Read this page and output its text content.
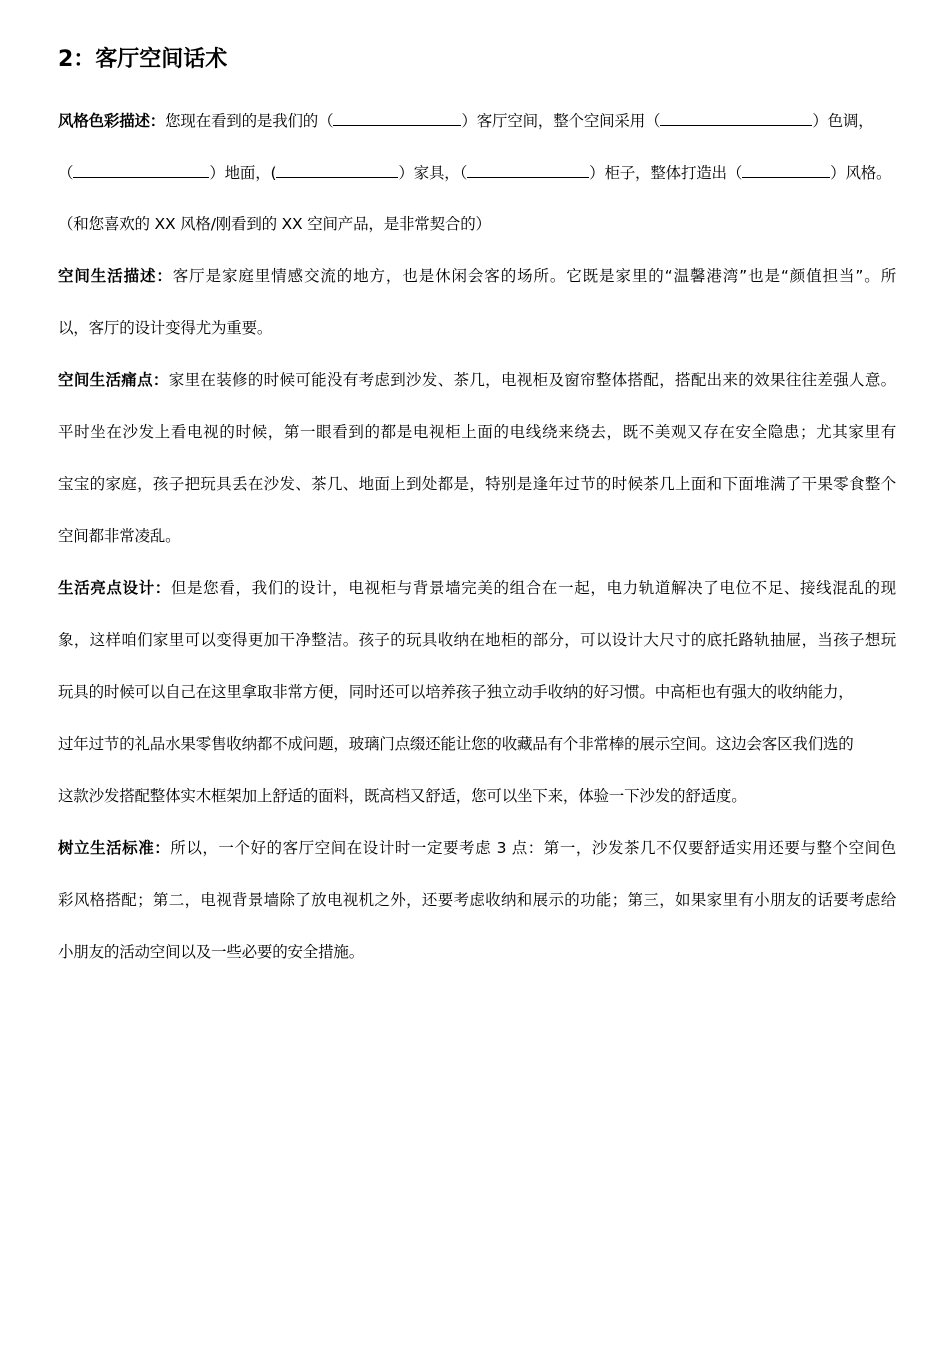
2：客厅空间话术
风格色彩描述：您现在看到的是我们的（	）客厅空间，整个空间采用（	）色调，
（	）地面，(	）家具，（	）柜子，整体打造出（	）风格。
（和您喜欢的 XX 风格/刚看到的 XX 空间产品，是非常契合的）
空间生活描述：客厅是家庭里情感交流的地方，也是休闲会客的场所。它既是家里的“温馨港湾”也是“颜值担当”。所
以，客厅的设计变得尤为重要。
空间生活痛点：家里在装修的时候可能没有考虑到沙发、茶几，电视柜及窗帘整体搭配，搭配出来的效果往往差强人意。
平时坐在沙发上看电视的时候，第一眼看到的都是电视柜上面的电线绕来绕去，既不美观又存在安全隐患；尤其家里有
宝宝的家庭，孩子把玩具丢在沙发、茶几、地面上到处都是，特别是逢年过节的时候茶几上面和下面堆满了干果零食整个
空间都非常凌乱。
生活亮点设计：但是您看，我们的设计，电视柜与背景墙完美的组合在一起，电力轨道解决了电位不足、接线混乱的现
象，这样咱们家里可以变得更加干净整洁。孩子的玩具收纳在地柜的部分，可以设计大尺寸的底托路轨抽屉，当孩子想玩
玩具的时候可以自己在这里拿取非常方便，同时还可以培养孩子独立动手收纳的好习惯。中高柜也有强大的收纳能力，
过年过节的礼品水果零售收纳都不成问题，玻璃门点缀还能让您的收藏品有个非常棒的展示空间。这边会客区我们选的
这款沙发搭配整体实木框架加上舒适的面料，既高档又舒适，您可以坐下来，体验一下沙发的舒适度。
树立生活标准：所以，一个好的客厅空间在设计时一定要考虑 3 点：第一，沙发茶几不仅要舒适实用还要与整个空间色
彩风格搭配；第二，电视背景墙除了放电视机之外，还要考虑收纳和展示的功能；第三，如果家里有小朋友的话要考虑给
小朋友的活动空间以及一些必要的安全措施。
